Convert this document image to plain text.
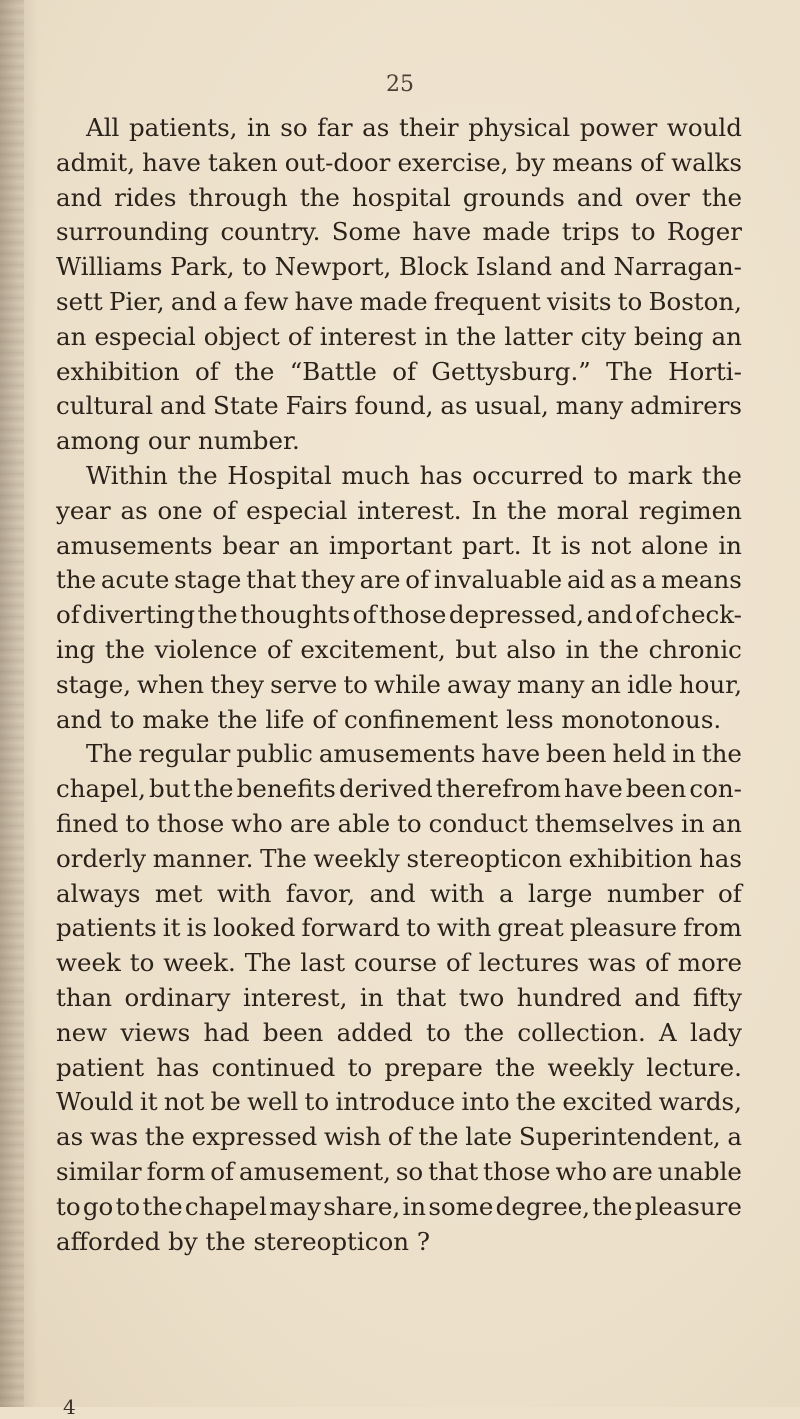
25
All patients, in so far as their physical power would
admit, have taken out-door exercise, by means of walks
and rides through the hospital grounds and over the
surrounding country. Some have made trips to Roger
Williams Park, to Newport, Block Island and Narragan-
sett Pier, and a few have made frequent visits to Boston,
an especial object of interest in the latter city being an
exhibition of the “Battle of Gettysburg.” The Horti-
cultural and State Fairs found, as usual, many admirers
among our number.
Within the Hospital much has occurred to mark the
year as one of especial interest. In the moral regimen
amusements bear an important part. It is not alone in
the acute stage that they are of invaluable aid as a means
of diverting the thoughts of those depressed, and of check-
ing the violence of excitement, but also in the chronic
stage, when they serve to while away many an idle hour,
and to make the life of confinement less monotonous.
The regular public amusements have been held in the
chapel, but the benefits derived therefrom have been con-
fined to those who are able to conduct themselves in an
orderly manner. The weekly stereopticon exhibition has
always met with favor, and with a large number of
patients it is looked forward to with great pleasure from
week to week. The last course of lectures was of more
than ordinary interest, in that two hundred and fifty
new views had been added to the collection. A lady
patient has continued to prepare the weekly lecture.
Would it not be well to introduce into the excited wards,
as was the expressed wish of the late Superintendent, a
similar form of amusement, so that those who are unable
to go to the chapel may share, in some degree, the pleasure
afforded by the stereopticon ?
4
